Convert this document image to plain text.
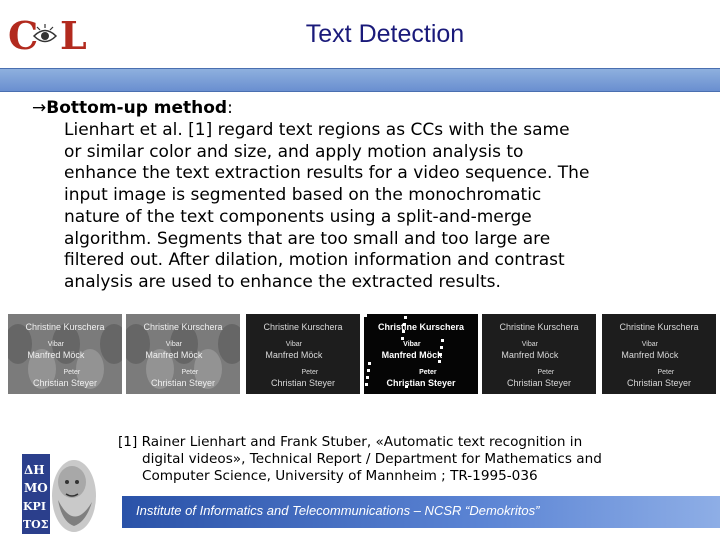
C L	Text Detection
→Bottom-up method:
Lienhart et al. [1] regard text regions as CCs with the same
or similar color and size, and apply motion analysis to
enhance the text extraction results for a video sequence. The
input image is segmented based on the monochromatic
nature of the text components using a split-and-merge
algorithm. Segments that are too small and too large are
filtered out. After dilation, motion information and contrast
analysis are used to enhance the extracted results.
Christine Kurschera
Vibar
Manfred Möck
Peter
Christian Steyer
Christine Kurschera
Vibar
Manfred Möck
Peter
Christian Steyer
Christine Kurschera
Vibar
Manfred Möck
Peter
Christian Steyer
Christine Kurschera
Vibar
Manfred Möck
Peter
Christian Steyer
Christine Kurschera
Vibar
Manfred Möck
Peter
Christian Steyer
Christine Kurschera
Vibar
Manfred Möck
Peter
Christian Steyer
ΔH
MO
KPI
TOΣ
[1] Rainer Lienhart and Frank Stuber, «Automatic text recognition in
digital videos», Technical Report / Department for Mathematics and
Computer Science, University of Mannheim ; TR-1995-036
Institute of Informatics and Telecommunications – NCSR “Demokritos”
